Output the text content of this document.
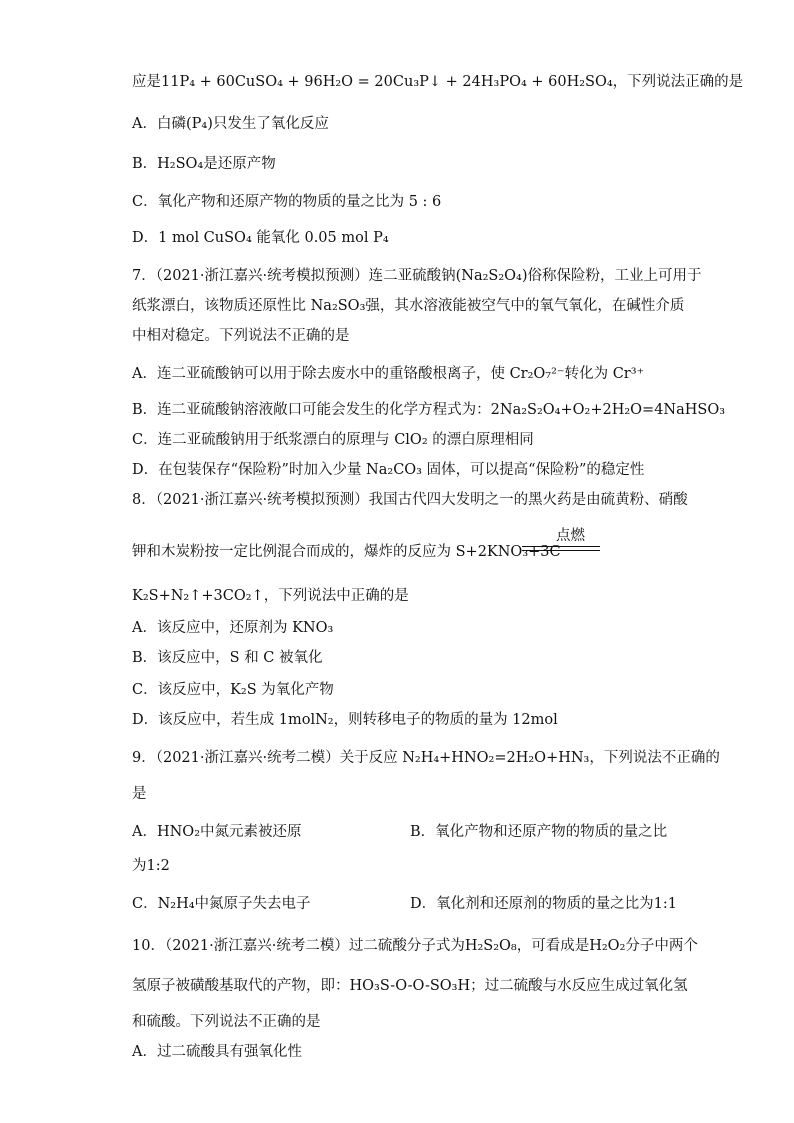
应是11P₄ + 60CuSO₄ + 96H₂O = 20Cu₃P↓ + 24H₃PO₄ + 60H₂SO₄，下列说法正确的是
A．白磷(P₄)只发生了氧化反应
B．H₂SO₄是还原产物
C．氧化产物和还原产物的物质的量之比为 5 : 6
D．1 mol CuSO₄ 能氧化 0.05 mol P₄
7．（2021·浙江嘉兴·统考模拟预测）连二亚硫酸钠(Na₂S₂O₄)俗称保险粉，工业上可用于
纸浆漂白，该物质还原性比 Na₂SO₃强，其水溶液能被空气中的氧气氧化，在碱性介质
中相对稳定。下列说法不正确的是
A．连二亚硫酸钠可以用于除去废水中的重铬酸根离子，使 Cr₂O₇²⁻转化为 Cr³⁺
B．连二亚硫酸钠溶液敞口可能会发生的化学方程式为：2Na₂S₂O₄+O₂+2H₂O=4NaHSO₃
C．连二亚硫酸钠用于纸浆漂白的原理与 ClO₂ 的漂白原理相同
D．在包装保存“保险粉”时加入少量 Na₂CO₃ 固体，可以提高“保险粉”的稳定性
8．（2021·浙江嘉兴·统考模拟预测）我国古代四大发明之一的黑火药是由硫黄粉、硝酸
钾和木炭粉按一定比例混合而成的，爆炸的反应为 S+2KNO₃+3C
点燃
K₂S+N₂↑+3CO₂↑，下列说法中正确的是
A．该反应中，还原剂为 KNO₃
B．该反应中，S 和 C 被氧化
C．该反应中，K₂S 为氧化产物
D．该反应中，若生成 1molN₂，则转移电子的物质的量为 12mol
9．（2021·浙江嘉兴·统考二模）关于反应 N₂H₄+HNO₂=2H₂O+HN₃，下列说法不正确的
是
A．HNO₂中氮元素被还原	B．氧化产物和还原产物的物质的量之比
为1:2
C．N₂H₄中氮原子失去电子	D．氧化剂和还原剂的物质的量之比为1:1
10．（2021·浙江嘉兴·统考二模）过二硫酸分子式为H₂S₂O₈，可看成是H₂O₂分子中两个
氢原子被磺酸基取代的产物，即：HO₃S-O-O-SO₃H；过二硫酸与水反应生成过氧化氢
和硫酸。下列说法不正确的是
A．过二硫酸具有强氧化性
